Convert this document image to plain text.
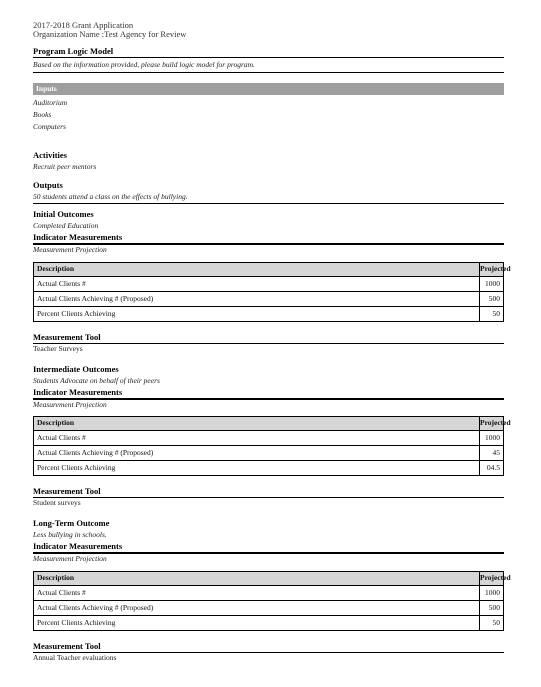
2017-2018 Grant Application
Organization Name :Test Agency for Review
Program Logic Model
Based on the information provided, please build logic model for program.
Inputs
Auditorium
Books
Computers
Activities
Recruit peer mentors
Outputs
50 students attend a class on the effects of bullying.
Initial Outcomes
Completed Education
Indicator Measurements
Measurement Projection
Description	Projected
Actual Clients #	1000
Actual Clients Achieving # (Proposed)	500
Percent Clients Achieving	50
Measurement Tool
Teacher Surveys
Intermediate Outcomes
Students Advocate on behalf of their peers
Indicator Measurements
Measurement Projection
Description	Projected
Actual Clients #	1000
Actual Clients Achieving # (Proposed)	45
Percent Clients Achieving	04.5
Measurement Tool
Student surveys
Long-Term Outcome
Less bullying in schools.
Indicator Measurements
Measurement Projection
Description	Projected
Actual Clients #	1000
Actual Clients Achieving # (Proposed)	500
Percent Clients Achieving	50
Measurement Tool
Annual Teacher evaluations
